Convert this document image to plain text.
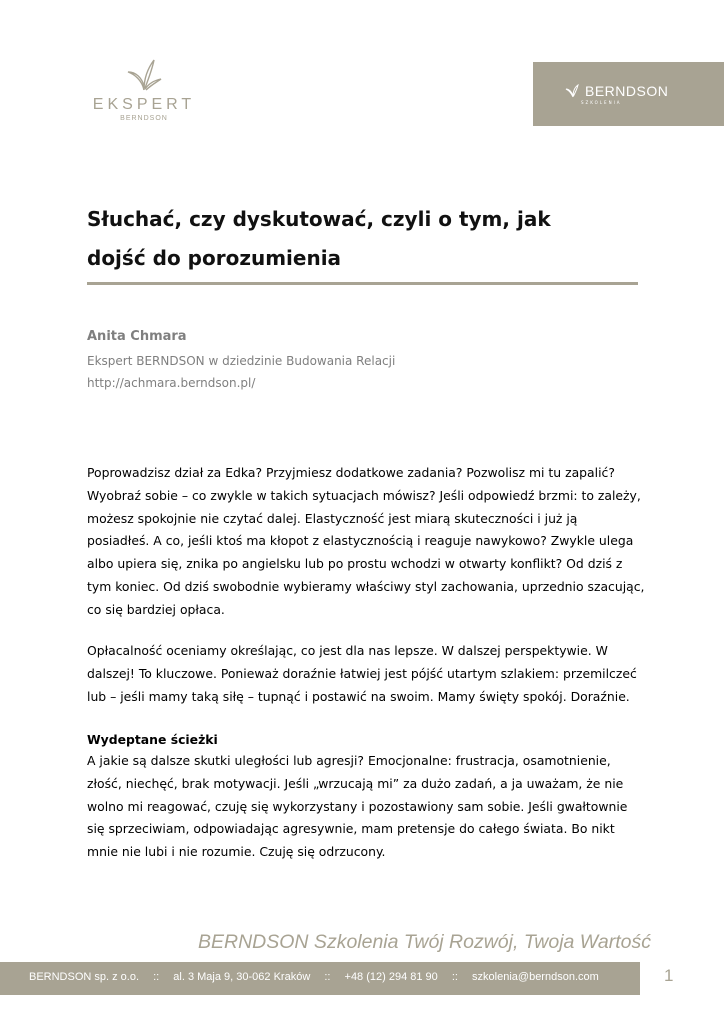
EKSPERT
BERNDSON
BERNDSON
SZKOLENIA
Słuchać, czy dyskutować, czyli o tym, jak
dojść do porozumienia
Anita Chmara
Ekspert BERNDSON w dziedzinie Budowania Relacji
http://achmara.berndson.pl/

Poprowadzisz dział za Edka? Przyjmiesz dodatkowe zadania? Pozwolisz mi tu zapalić?
Wyobraź sobie – co zwykle w takich sytuacjach mówisz? Jeśli odpowiedź brzmi: to zależy,
możesz spokojnie nie czytać dalej. Elastyczność jest miarą skuteczności i już ją
posiadłeś. A co, jeśli ktoś ma kłopot z elastycznością i reaguje nawykowo? Zwykle ulega
albo upiera się, znika po angielsku lub po prostu wchodzi w otwarty konflikt? Od dziś z
tym koniec. Od dziś swobodnie wybieramy właściwy styl zachowania, uprzednio szacując,
co się bardziej opłaca.

Opłacalność oceniamy określając, co jest dla nas lepsze. W dalszej perspektywie. W
dalszej! To kluczowe. Ponieważ doraźnie łatwiej jest pójść utartym szlakiem: przemilczeć
lub – jeśli mamy taką siłę – tupnąć i postawić na swoim. Mamy święty spokój. Doraźnie.

Wydeptane ścieżki

A jakie są dalsze skutki uległości lub agresji? Emocjonalne: frustracja, osamotnienie,
złość, niechęć, brak motywacji. Jeśli „wrzucają mi” za dużo zadań, a ja uważam, że nie
wolno mi reagować, czuję się wykorzystany i pozostawiony sam sobie. Jeśli gwałtownie
się sprzeciwiam, odpowiadając agresywnie, mam pretensje do całego świata. Bo nikt
mnie nie lubi i nie rozumie. Czuję się odrzucony.

BERNDSON Szkolenia Twój Rozwój, Twoja Wartość
BERNDSON sp. z o.o. :: al. 3 Maja 9, 30-062 Kraków :: +48 (12) 294 81 90 :: szkolenia@berndson.com	1
